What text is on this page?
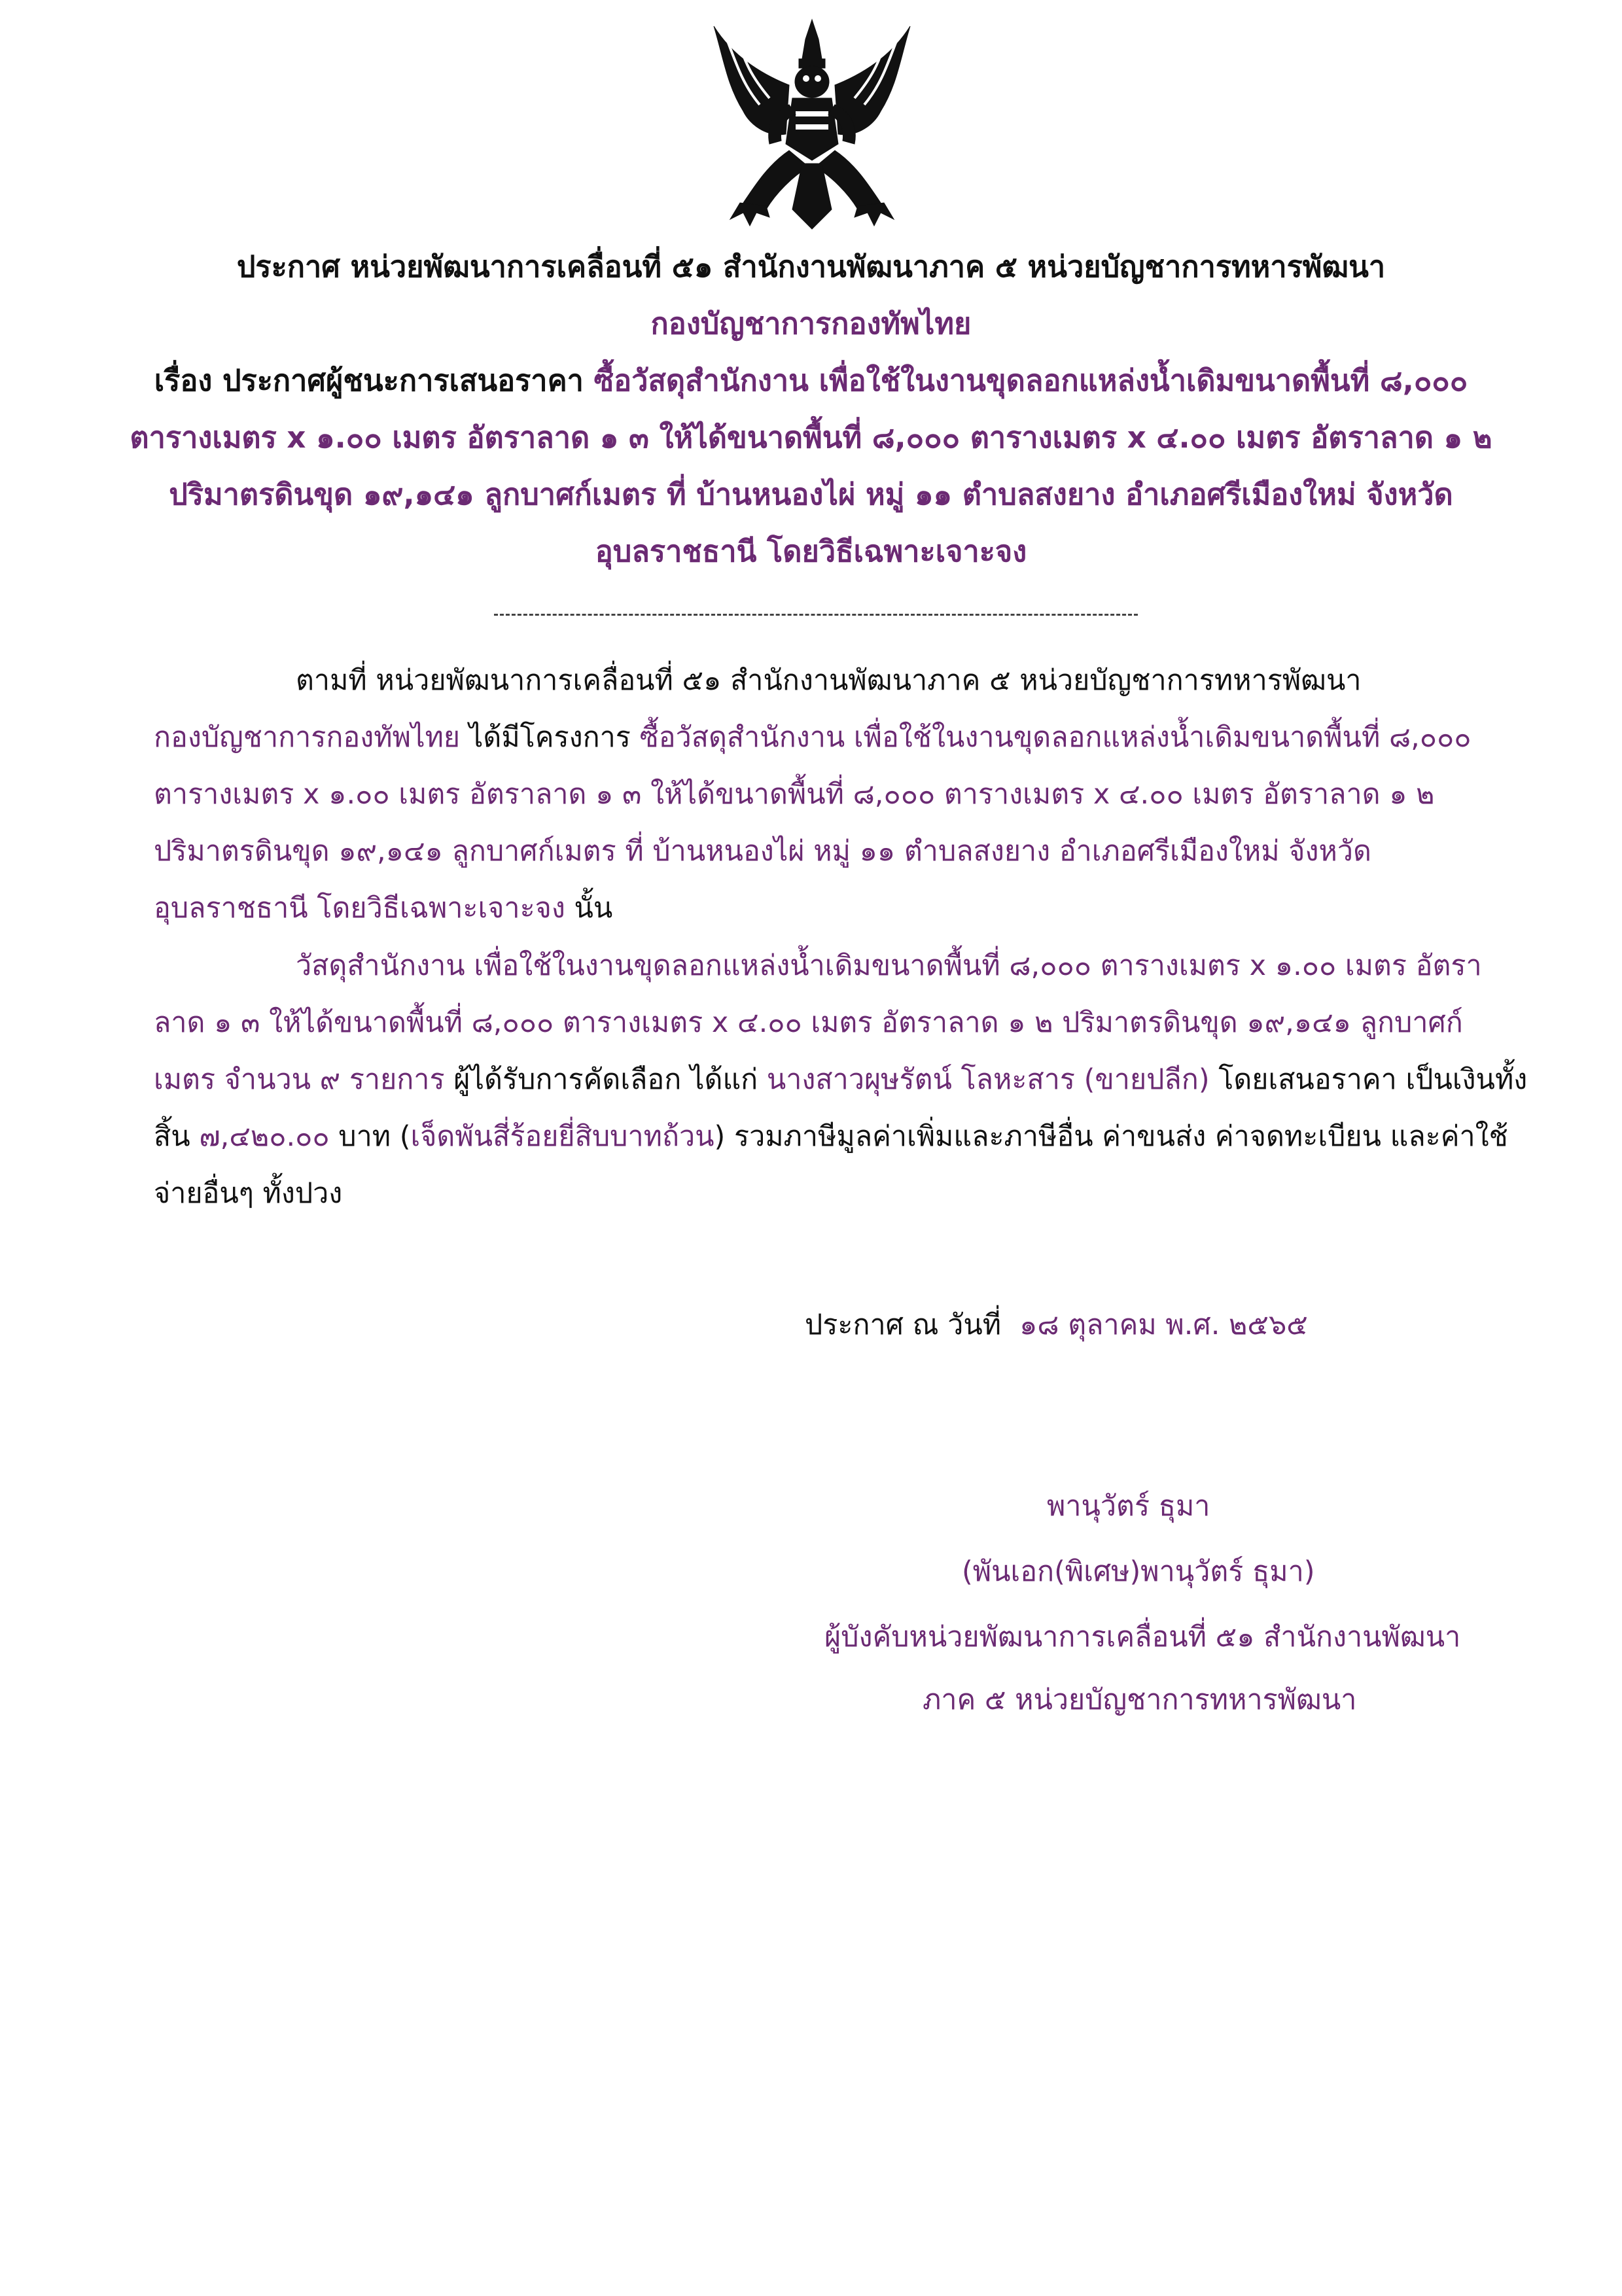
ประกาศ หน่วยพัฒนาการเคลื่อนที่ ๕๑ สำนักงานพัฒนาภาค ๕ หน่วยบัญชาการทหารพัฒนา
กองบัญชาการกองทัพไทย
เรื่อง ประกาศผู้ชนะการเสนอราคา ซื้อวัสดุสำนักงาน เพื่อใช้ในงานขุดลอกแหล่งน้ำเดิมขนาดพื้นที่ ๘,๐๐๐
ตารางเมตร x ๑.๐๐ เมตร อัตราลาด ๑ ๓ ให้ได้ขนาดพื้นที่ ๘,๐๐๐ ตารางเมตร x ๔.๐๐ เมตร อัตราลาด ๑ ๒
ปริมาตรดินขุด ๑๙,๑๔๑ ลูกบาศก์เมตร ที่ บ้านหนองไผ่ หมู่ ๑๑ ตำบลสงยาง อำเภอศรีเมืองใหม่ จังหวัด
อุบลราชธานี โดยวิธีเฉพาะเจาะจง
ตามที่ หน่วยพัฒนาการเคลื่อนที่ ๕๑ สำนักงานพัฒนาภาค ๕ หน่วยบัญชาการทหารพัฒนา
กองบัญชาการกองทัพไทย ได้มีโครงการ ซื้อวัสดุสำนักงาน เพื่อใช้ในงานขุดลอกแหล่งน้ำเดิมขนาดพื้นที่ ๘,๐๐๐
ตารางเมตร x ๑.๐๐ เมตร อัตราลาด ๑ ๓ ให้ได้ขนาดพื้นที่ ๘,๐๐๐ ตารางเมตร x ๔.๐๐ เมตร อัตราลาด ๑ ๒
ปริมาตรดินขุด ๑๙,๑๔๑ ลูกบาศก์เมตร ที่ บ้านหนองไผ่ หมู่ ๑๑ ตำบลสงยาง อำเภอศรีเมืองใหม่ จังหวัด
อุบลราชธานี โดยวิธีเฉพาะเจาะจง นั้น
วัสดุสำนักงาน เพื่อใช้ในงานขุดลอกแหล่งน้ำเดิมขนาดพื้นที่ ๘,๐๐๐ ตารางเมตร x ๑.๐๐ เมตร อัตรา
ลาด ๑ ๓ ให้ได้ขนาดพื้นที่ ๘,๐๐๐ ตารางเมตร x ๔.๐๐ เมตร อัตราลาด ๑ ๒ ปริมาตรดินขุด ๑๙,๑๔๑ ลูกบาศก์
เมตร จำนวน ๙ รายการ ผู้ได้รับการคัดเลือก ได้แก่ นางสาวผุษรัตน์ โลหะสาร (ขายปลีก) โดยเสนอราคา เป็นเงินทั้ง
สิ้น ๗,๔๒๐.๐๐ บาท (เจ็ดพันสี่ร้อยยี่สิบบาทถ้วน) รวมภาษีมูลค่าเพิ่มและภาษีอื่น ค่าขนส่ง ค่าจดทะเบียน และค่าใช้
จ่ายอื่นๆ ทั้งปวง
ประกาศ ณ วันที่ ๑๘ ตุลาคม พ.ศ. ๒๕๖๕
พานุวัตร์ ธุมา
(พันเอก(พิเศษ)พานุวัตร์ ธุมา)
ผู้บังคับหน่วยพัฒนาการเคลื่อนที่ ๕๑ สำนักงานพัฒนา
ภาค ๕ หน่วยบัญชาการทหารพัฒนา
